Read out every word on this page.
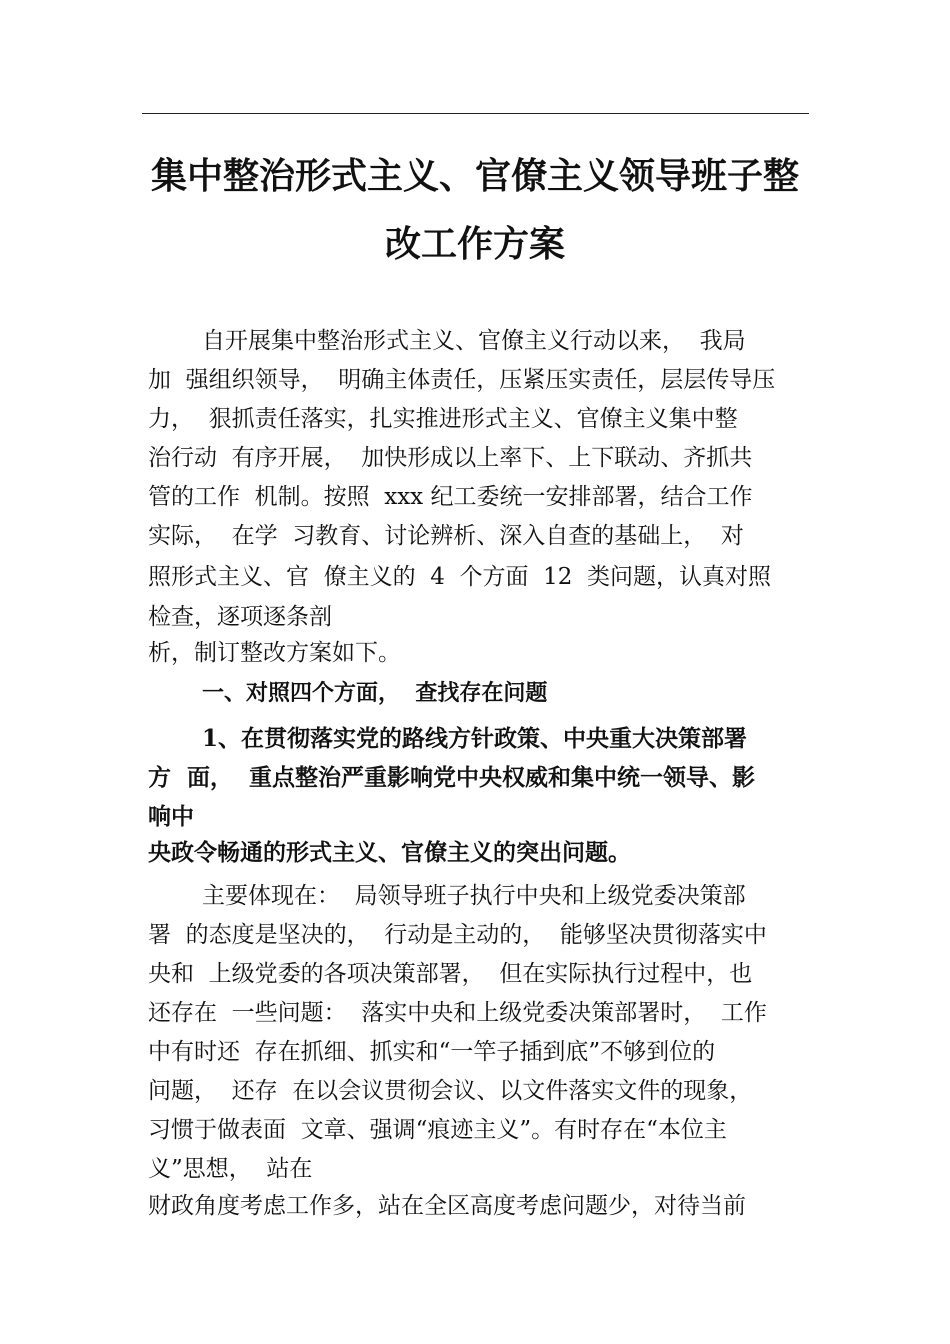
集中整治形式主义、官僚主义领导班子整
改工作方案
自开展集中整治形式主义、官僚主义行动以来，  我局
加  强组织领导，  明确主体责任，压紧压实责任，层层传导压
力，  狠抓责任落实，扎实推进形式主义、官僚主义集中整
治行动  有序开展，  加快形成以上率下、上下联动、齐抓共
管的工作  机制。按照  xxx 纪工委统一安排部署，结合工作
实际，  在学  习教育、讨论辨析、深入自查的基础上，  对
照形式主义、官  僚主义的  4  个方面  12  类问题，认真对照
检查，逐项逐条剖
析，制订整改方案如下。
一、对照四个方面，  查找存在问题
1、在贯彻落实党的路线方针政策、中央重大决策部署
方  面，  重点整治严重影响党中央权威和集中统一领导、影
响中
央政令畅通的形式主义、官僚主义的突出问题。
主要体现在：  局领导班子执行中央和上级党委决策部
署  的态度是坚决的，  行动是主动的，  能够坚决贯彻落实中
央和  上级党委的各项决策部署，  但在实际执行过程中，也
还存在  一些问题：  落实中央和上级党委决策部署时，  工作
中有时还  存在抓细、抓实和“一竿子插到底”不够到位的
问题，  还存  在以会议贯彻会议、以文件落实文件的现象，
习惯于做表面  文章、强调“痕迹主义”。有时存在“本位主
义”思想，  站在
财政角度考虑工作多，站在全区高度考虑问题少，对待当前
